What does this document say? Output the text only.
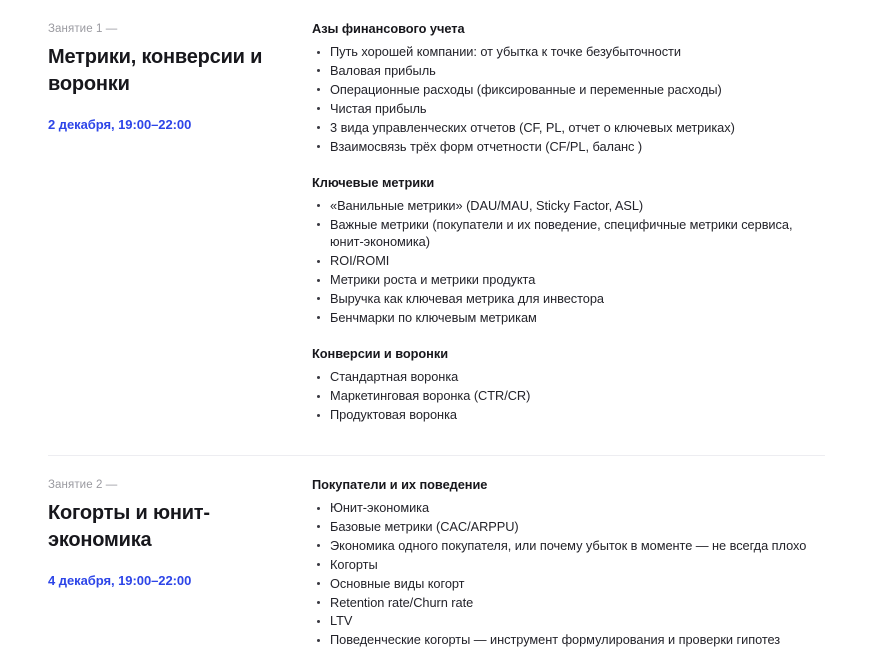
Занятие 1 —
Метрики, конверсии и воронки
2 декабря, 19:00–22:00
Азы финансового учета
Путь хорошей компании: от убытка к точке безубыточности
Валовая прибыль
Операционные расходы (фиксированные и переменные расходы)
Чистая прибыль
3 вида управленческих отчетов (CF, PL, отчет о ключевых метриках)
Взаимосвязь трёх форм отчетности (CF/PL, баланс )
Ключевые метрики
«Ванильные метрики» (DAU/MAU, Sticky Factor, ASL)
Важные метрики (покупатели и их поведение, специфичные метрики сервиса, юнит-экономика)
ROI/ROMI
Метрики роста и метрики продукта
Выручка как ключевая метрика для инвестора
Бенчмарки по ключевым метрикам
Конверсии и воронки
Стандартная воронка
Маркетинговая воронка (CTR/CR)
Продуктовая воронка
Занятие 2 —
Когорты и юнит-экономика
4 декабря, 19:00–22:00
Покупатели и их поведение
Юнит-экономика
Базовые метрики (CAC/ARPPU)
Экономика одного покупателя, или почему убыток в моменте — не всегда плохо
Когорты
Основные виды когорт
Retention rate/Churn rate
LTV
Поведенческие когорты — инструмент формулирования и проверки гипотез
